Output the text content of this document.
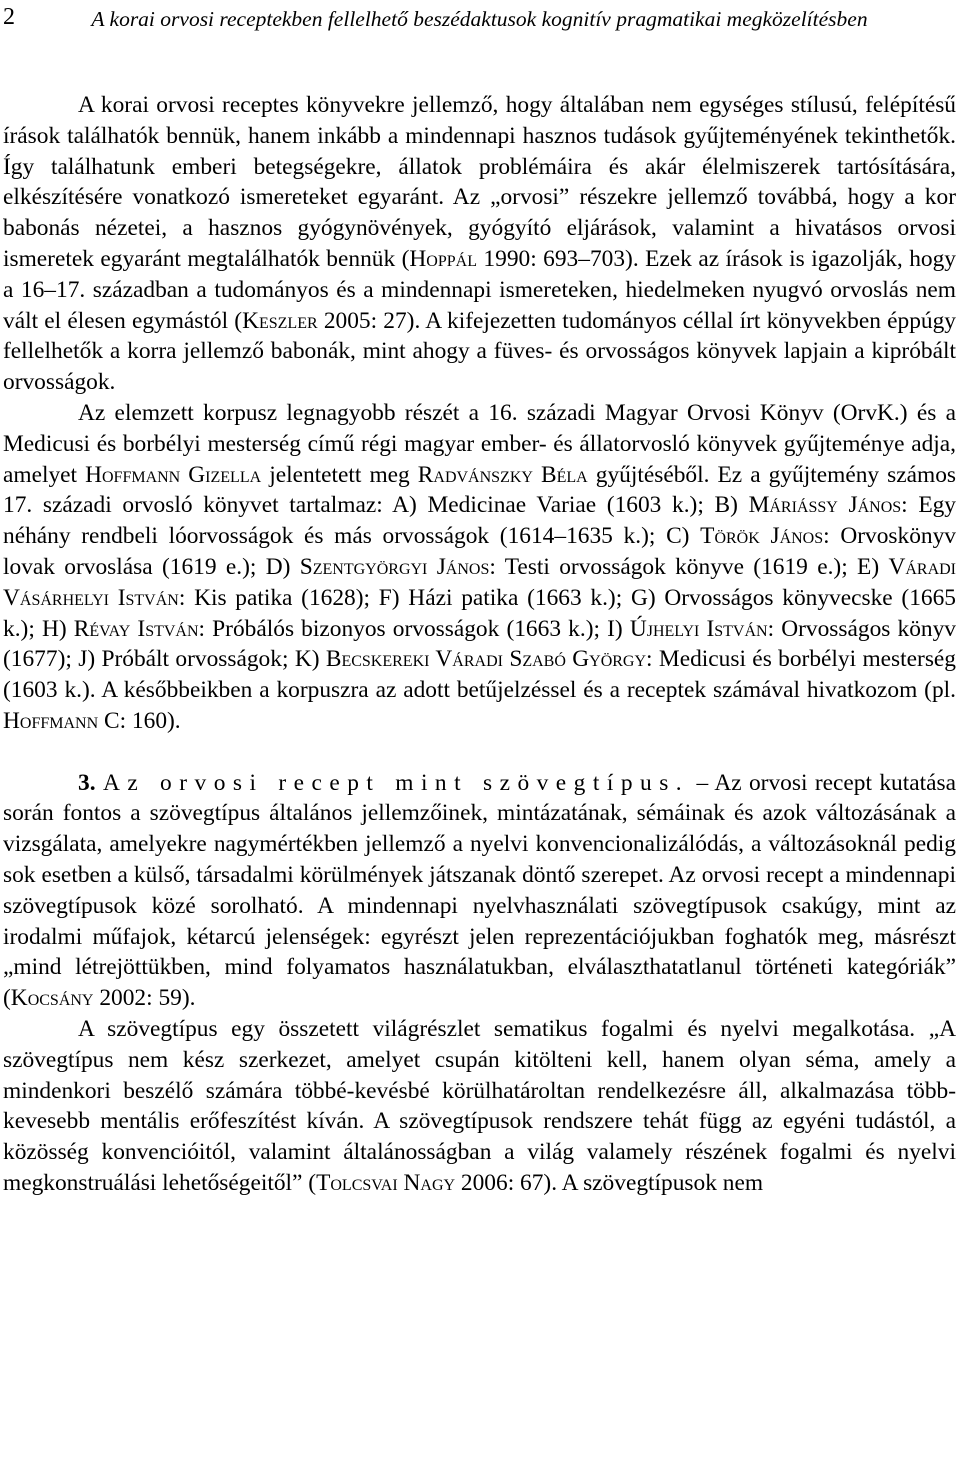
2	A korai orvosi receptekben fellelhető beszédaktusok kognitív pragmatikai megközelítésben

A korai orvosi receptes könyvekre jellemző, hogy általában nem egységes stílusú, felépítésű írások találhatók bennük, hanem inkább a mindennapi hasznos tudások gyűjteményének tekinthetők. Így találhatunk emberi betegségekre, állatok problémáira és akár élelmiszerek tartósítására, elkészítésére vonatkozó ismereteket egyaránt. Az „orvosi” részekre jellemző továbbá, hogy a kor babonás nézetei, a hasznos gyógynövények, gyógyító eljárások, valamint a hivatásos orvosi ismeretek egyaránt megtalálhatók bennük (Hoppál 1990: 693–703). Ezek az írások is igazolják, hogy a 16–17. században a tudományos és a mindennapi ismereteken, hiedelmeken nyugvó orvoslás nem vált el élesen egymástól (Keszler 2005: 27). A kifejezetten tudományos céllal írt könyvekben éppúgy fellelhetők a korra jellemző babonák, mint ahogy a füves- és orvosságos könyvek lapjain a kipróbált orvosságok.

Az elemzett korpusz legnagyobb részét a 16. századi Magyar Orvosi Könyv (OrvK.) és a Medicusi és borbélyi mesterség című régi magyar ember- és állatorvosló könyvek gyűjteménye adja, amelyet Hoffmann Gizella jelentetett meg Radvánszky Béla gyűjtéséből. Ez a gyűjtemény számos 17. századi orvosló könyvet tartalmaz: A) Medicinae Variae (1603 k.); B) Máriássy János: Egy néhány rendbeli lóorvosságok és más orvosságok (1614–1635 k.); C) Török János: Orvoskönyv lovak orvoslása (1619 e.); D) Szentgyörgyi János: Testi orvosságok könyve (1619 e.); E) Váradi Vásárhelyi István: Kis patika (1628); F) Házi patika (1663 k.); G) Orvosságos könyvecske (1665 k.); H) Révay István: Próbálós bizonyos orvosságok (1663 k.); I) Újhelyi István: Orvosságos könyv (1677); J) Próbált orvosságok; K) Becskereki Váradi Szabó György: Medicusi és borbélyi mesterség (1603 k.). A későbbeikben a korpuszra az adott betűjelzéssel és a receptek számával hivatkozom (pl. Hoffmann C: 160).

3. Az orvosi recept mint szövegtípus. – Az orvosi recept kutatása során fontos a szövegtípus általános jellemzőinek, mintázatának, sémáinak és azok változásának a vizsgálata, amelyekre nagymértékben jellemző a nyelvi konvencionalizálódás, a változásoknál pedig sok esetben a külső, társadalmi körülmények játszanak döntő szerepet. Az orvosi recept a mindennapi szövegtípusok közé sorolható. A mindennapi nyelvhasználati szövegtípusok csakúgy, mint az irodalmi műfajok, kétarcú jelenségek: egyrészt jelen reprezentációjukban foghatók meg, másrészt „mind létrejöttükben, mind folyamatos használatukban, elválaszthatatlanul történeti kategóriák” (Kocsány 2002: 59).

A szövegtípus egy összetett világrészlet sematikus fogalmi és nyelvi megalkotása. „A szövegtípus nem kész szerkezet, amelyet csupán kitölteni kell, hanem olyan séma, amely a mindenkori beszélő számára többé-kevésbé körülhatároltan rendelkezésre áll, alkalmazása több-kevesebb mentális erőfeszítést kíván. A szövegtípusok rendszere tehát függ az egyéni tudástól, a közösség konvencióitól, valamint általánosságban a világ valamely részének fogalmi és nyelvi megkonstruálási lehetőségeitől” (Tolcsvai Nagy 2006: 67). A szövegtípusok nem
